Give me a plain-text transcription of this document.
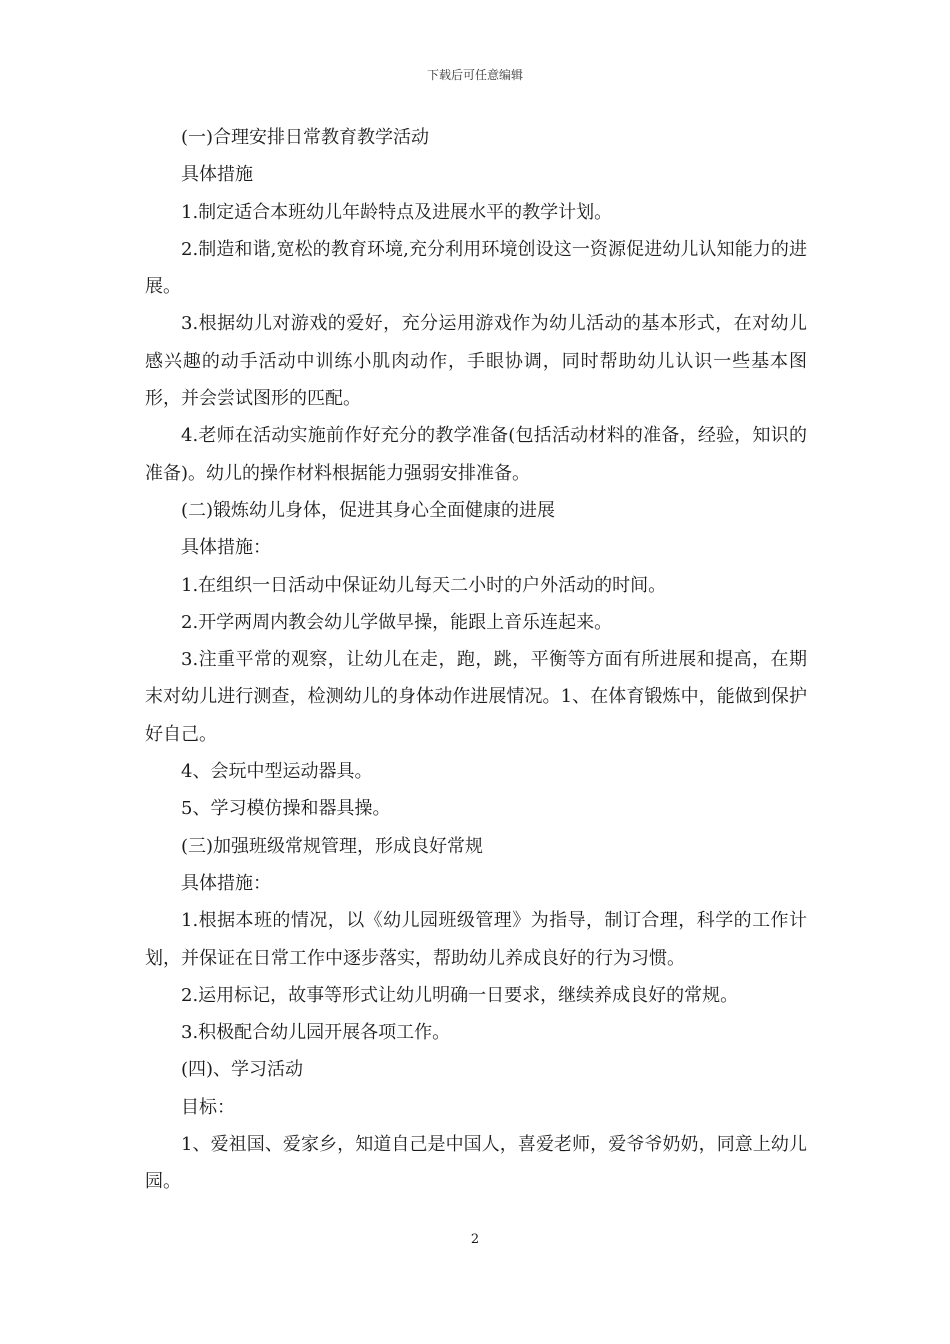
下载后可任意编辑

(一)合理安排日常教育教学活动

具体措施

1.制定适合本班幼儿年龄特点及进展水平的教学计划。

2.制造和谐,宽松的教育环境,充分利用环境创设这一资源促进幼儿认知能力的进展。

3.根据幼儿对游戏的爱好，充分运用游戏作为幼儿活动的基本形式，在对幼儿感兴趣的动手活动中训练小肌肉动作，手眼协调，同时帮助幼儿认识一些基本图形，并会尝试图形的匹配。

4.老师在活动实施前作好充分的教学准备(包括活动材料的准备，经验，知识的准备)。幼儿的操作材料根据能力强弱安排准备。

(二)锻炼幼儿身体，促进其身心全面健康的进展

具体措施：

1.在组织一日活动中保证幼儿每天二小时的户外活动的时间。

2.开学两周内教会幼儿学做早操，能跟上音乐连起来。

3.注重平常的观察，让幼儿在走，跑，跳，平衡等方面有所进展和提高，在期末对幼儿进行测查，检测幼儿的身体动作进展情况。1、在体育锻炼中，能做到保护好自己。

4、会玩中型运动器具。

5、学习模仿操和器具操。

(三)加强班级常规管理，形成良好常规

具体措施：

1.根据本班的情况，以《幼儿园班级管理》为指导，制订合理，科学的工作计划，并保证在日常工作中逐步落实，帮助幼儿养成良好的行为习惯。

2.运用标记，故事等形式让幼儿明确一日要求，继续养成良好的常规。

3.积极配合幼儿园开展各项工作。

(四)、学习活动

目标：

1、爱祖国、爱家乡，知道自己是中国人，喜爱老师，爱爷爷奶奶，同意上幼儿园。

2
